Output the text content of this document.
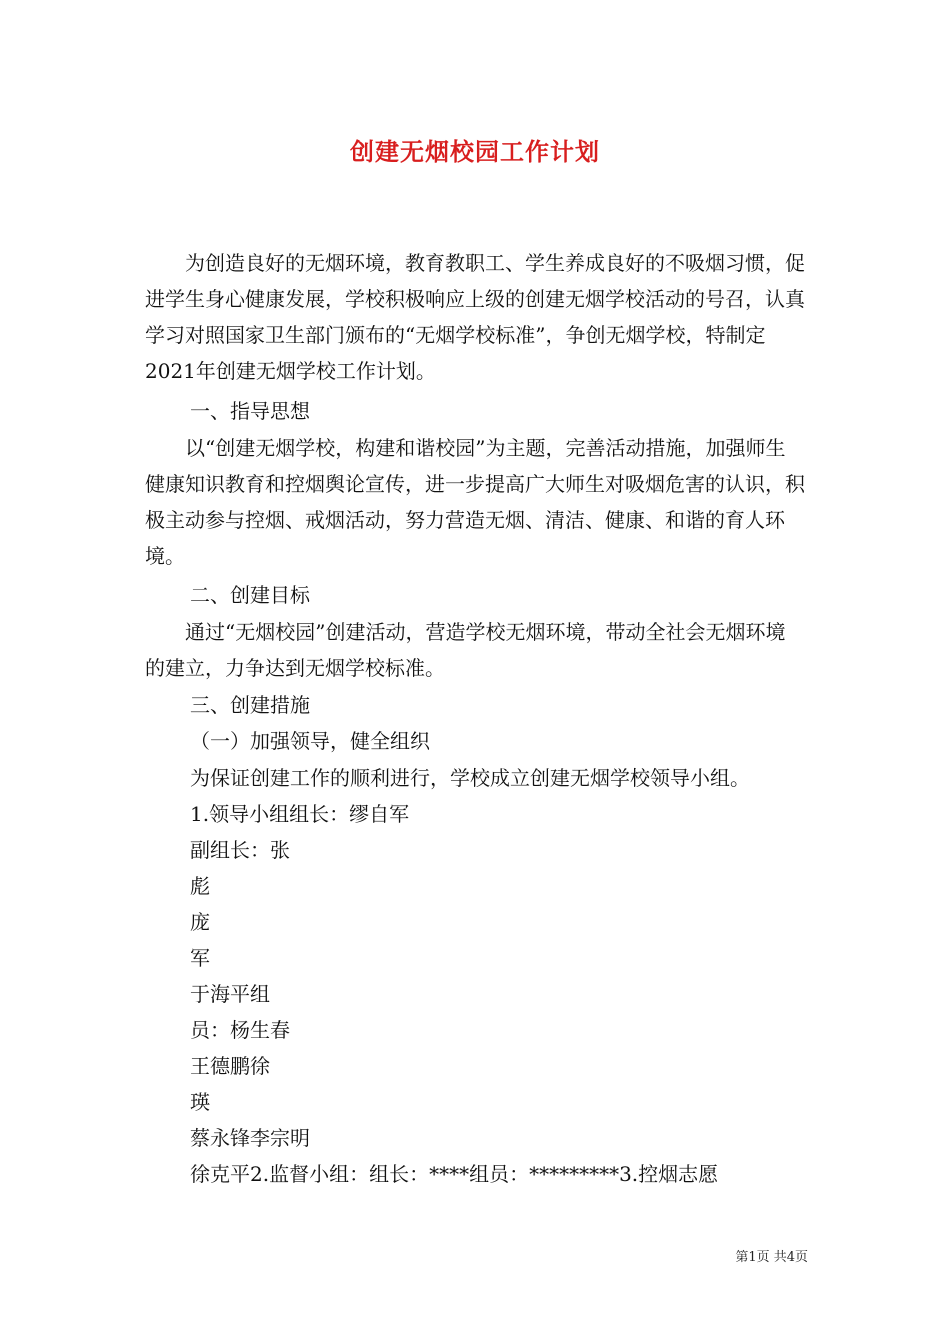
创建无烟校园工作计划
为创造良好的无烟环境，教育教职工、学生养成良好的不吸烟习惯，促进学生身心健康发展，学校积极响应上级的创建无烟学校活动的号召，认真学习对照国家卫生部门颁布的“无烟学校标准”，争创无烟学校，特制定2021年创建无烟学校工作计划。
一、指导思想
以“创建无烟学校，构建和谐校园”为主题，完善活动措施，加强师生健康知识教育和控烟舆论宣传，进一步提高广大师生对吸烟危害的认识，积极主动参与控烟、戒烟活动，努力营造无烟、清洁、健康、和谐的育人环境。
二、创建目标
通过“无烟校园”创建活动，营造学校无烟环境，带动全社会无烟环境的建立，力争达到无烟学校标准。
三、创建措施
（一）加强领导，健全组织
为保证创建工作的顺利进行，学校成立创建无烟学校领导小组。
1.领导小组组长：缪自军
副组长：张
彪
庞
军
于海平组
员：杨生春
王德鹏徐
瑛
蔡永锋李宗明
徐克平2.监督小组：组长：****组员：*********3.控烟志愿
第1页 共4页
